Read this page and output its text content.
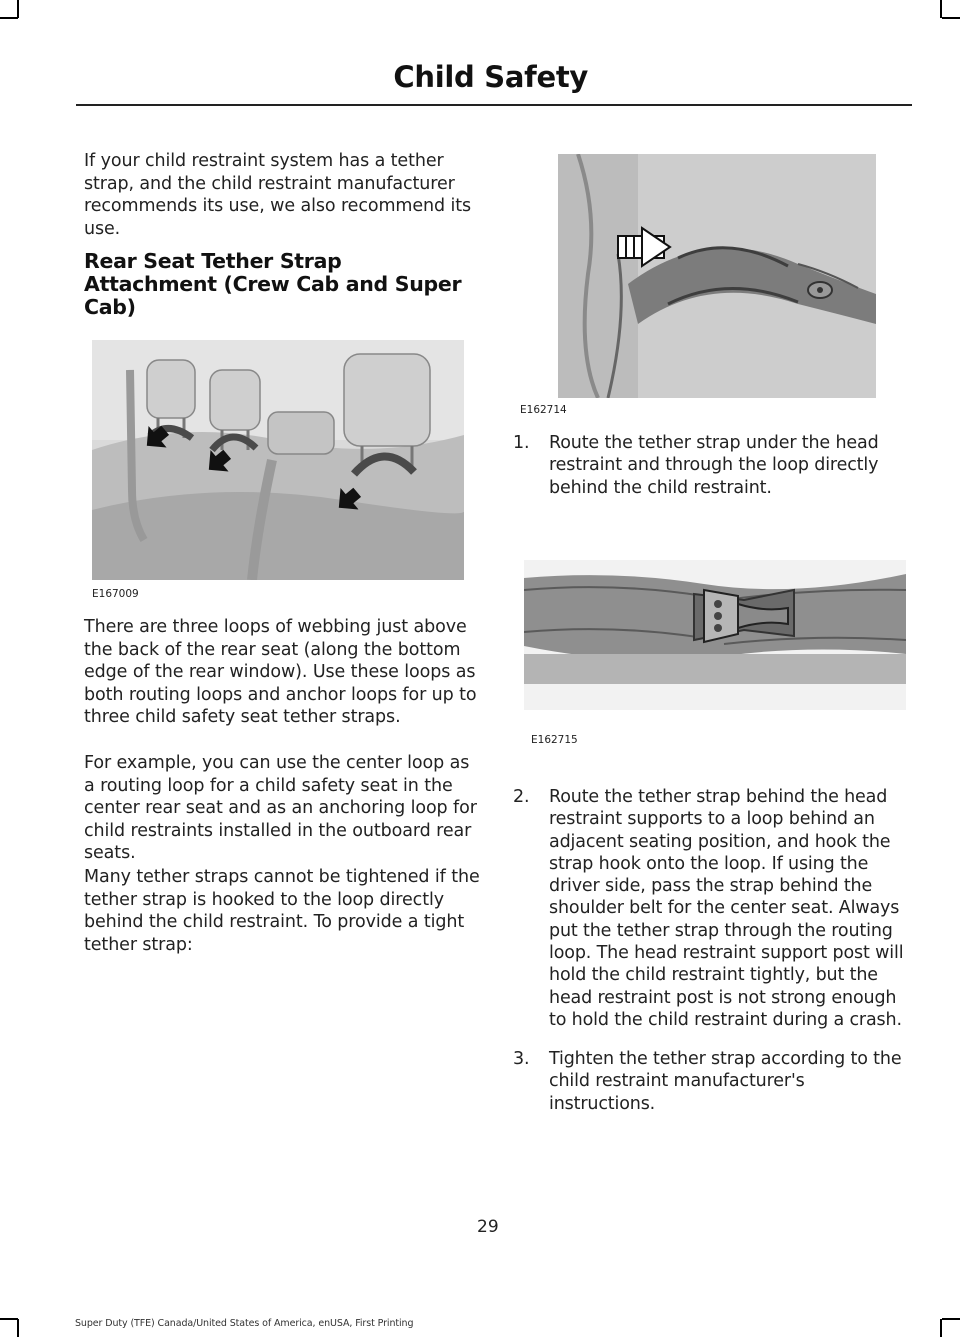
Child Safety
If your child restraint system has a tether strap, and the child restraint manufacturer recommends its use, we also recommend its use.
Rear Seat Tether Strap Attachment (Crew Cab and Super Cab)
E167009
There are three loops of webbing just above the back of the rear seat (along the bottom edge of the rear window). Use these loops as both routing loops and anchor loops for up to three child safety seat tether straps.
For example, you can use the center loop as a routing loop for a child safety seat in the center rear seat and as an anchoring loop for child restraints installed in the outboard rear seats.
Many tether straps cannot be tightened if the tether strap is hooked to the loop directly behind the child restraint. To provide a tight tether strap:
E162714
1.	Route the tether strap under the head restraint and through the loop directly behind the child restraint.
E162715
2.	Route the tether strap behind the head restraint supports to a loop behind an adjacent seating position, and hook the strap hook onto the loop. If using the driver side, pass the strap behind the shoulder belt for the center seat. Always put the tether strap through the routing loop. The head restraint support post will hold the child restraint tightly, but the head restraint post is not strong enough to hold the child restraint during a crash.
3.	Tighten the tether strap according to the child restraint manufacturer's instructions.
29
Super Duty (TFE) Canada/United States of America, enUSA, First Printing
